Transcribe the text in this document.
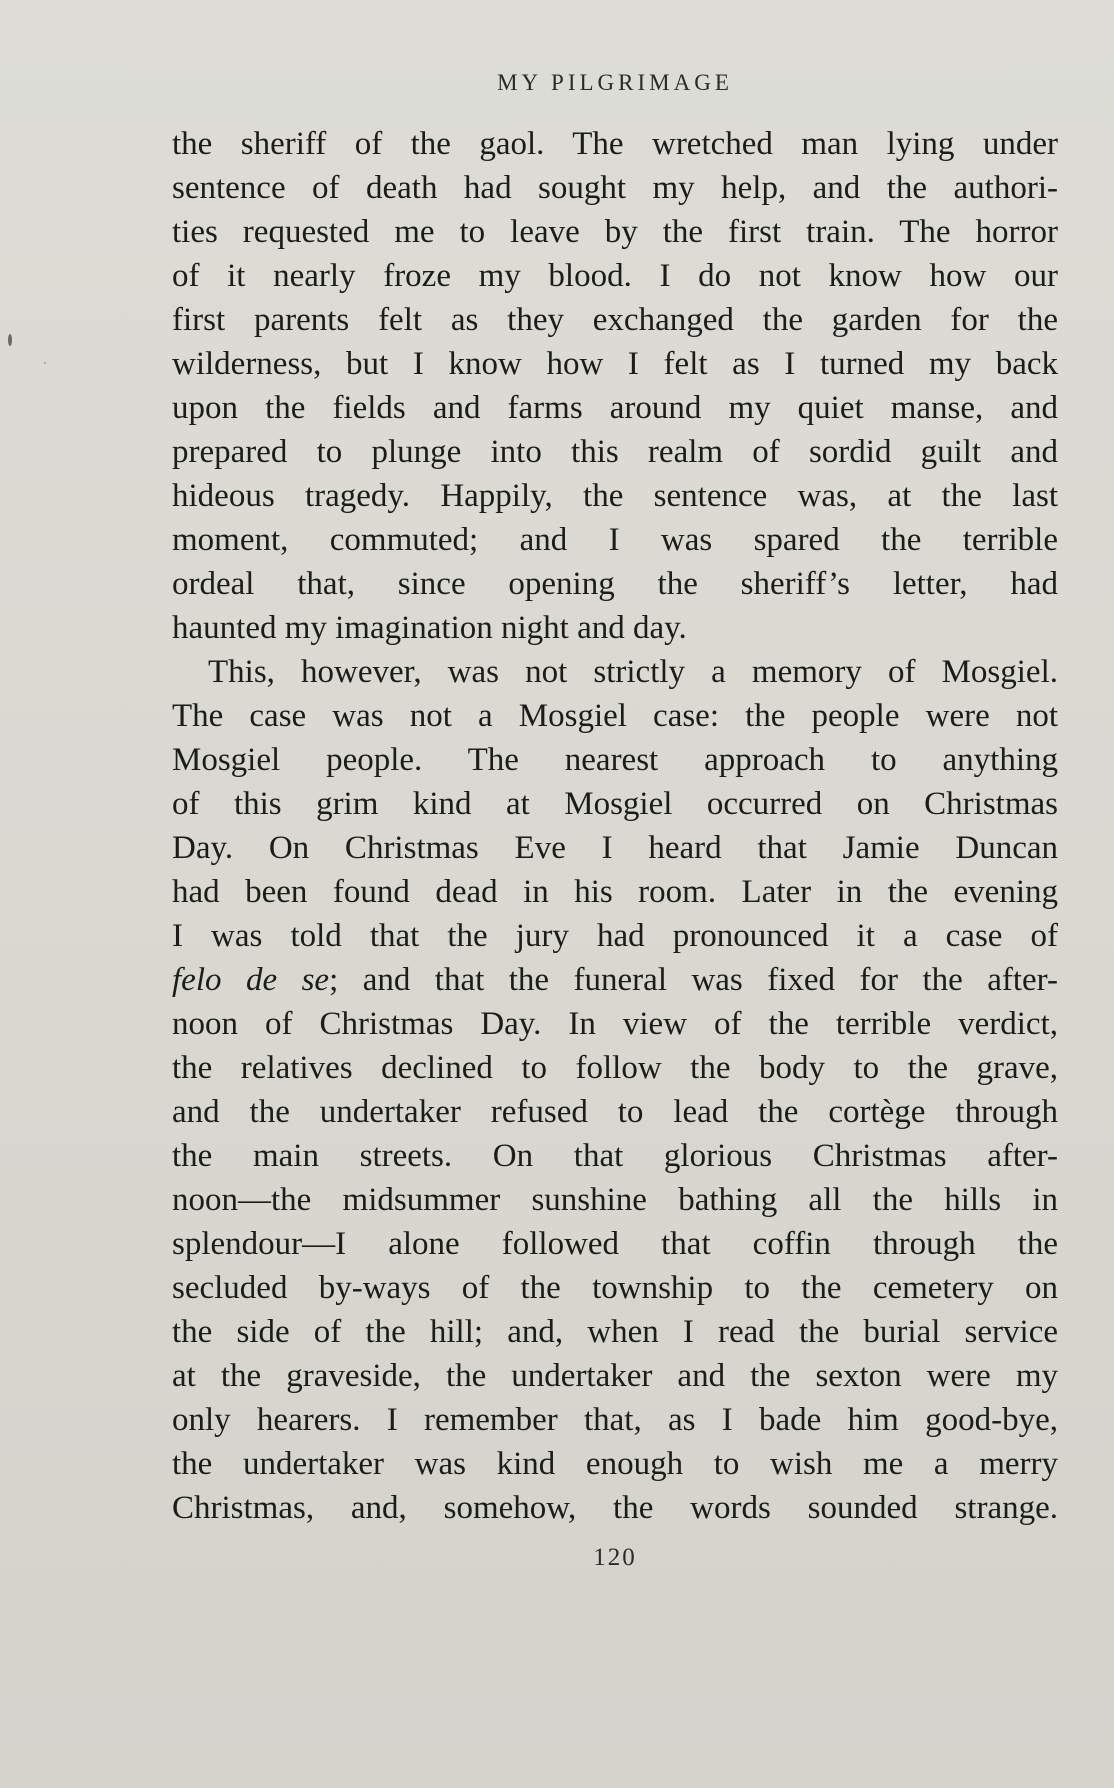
MY PILGRIMAGE
the sheriff of the gaol. The wretched man lying under
sentence of death had sought my help, and the authori-
ties requested me to leave by the first train. The horror
of it nearly froze my blood. I do not know how our
first parents felt as they exchanged the garden for the
wilderness, but I know how I felt as I turned my back
upon the fields and farms around my quiet manse, and
prepared to plunge into this realm of sordid guilt and
hideous tragedy. Happily, the sentence was, at the last
moment, commuted; and I was spared the terrible
ordeal that, since opening the sheriff’s letter, had
haunted my imagination night and day.
This, however, was not strictly a memory of Mosgiel.
The case was not a Mosgiel case: the people were not
Mosgiel people. The nearest approach to anything
of this grim kind at Mosgiel occurred on Christmas
Day. On Christmas Eve I heard that Jamie Duncan
had been found dead in his room. Later in the evening
I was told that the jury had pronounced it a case of
felo de se; and that the funeral was fixed for the after-
noon of Christmas Day. In view of the terrible verdict,
the relatives declined to follow the body to the grave,
and the undertaker refused to lead the cortège through
the main streets. On that glorious Christmas after-
noon—the midsummer sunshine bathing all the hills in
splendour—I alone followed that coffin through the
secluded by-ways of the township to the cemetery on
the side of the hill; and, when I read the burial service
at the graveside, the undertaker and the sexton were my
only hearers. I remember that, as I bade him good-bye,
the undertaker was kind enough to wish me a merry
Christmas, and, somehow, the words sounded strange.
120
